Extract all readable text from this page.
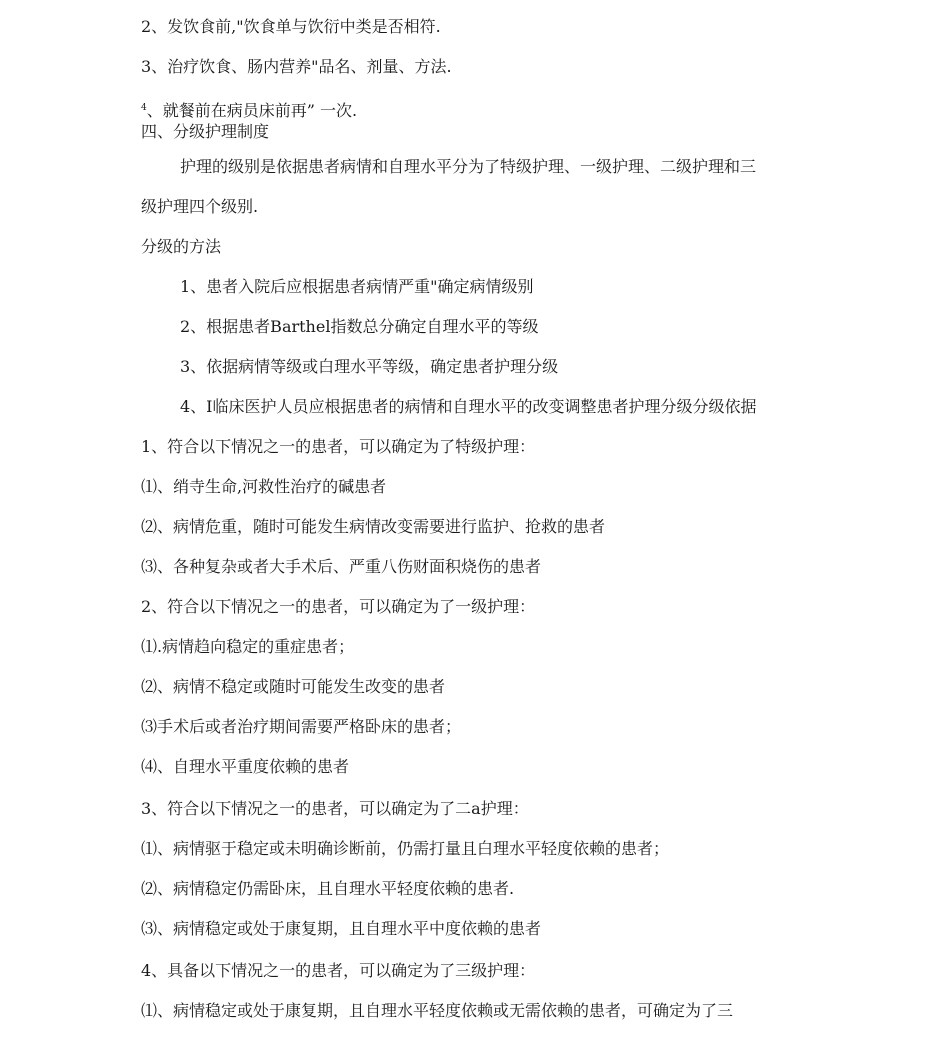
2、发饮食前,"饮食单与饮衍中类是否相符.
3、治疗饮食、肠内营养"品名、剂量、方法.
$^4$、就餐前在病员床前再” 一次.
四、分级护理制度
护理的级别是依据患者病情和自理水平分为了特级护理、一级护理、二级护理和三
级护理四个级别.
分级的方法
1、患者入院后应根据患者病情严重"确定病情级别
2、根据患者Barthel指数总分确定自理水平的等级
3、依据病情等级或白理水平等级，确定患者护理分级
4、I临床医护人员应根据患者的病情和自理水平的改变调整患者护理分级分级依据
1、符合以下情况之一的患者，可以确定为了特级护理：
⑴、绡寺生命,河救性治疗的碱患者
⑵、病情危重，随时可能发生病情改变需要进行监护、抢救的患者
⑶、各种复杂或者大手术后、严重八伤财面积烧伤的患者
2、符合以下情况之一的患者，可以确定为了一级护理：
⑴.病情趋向稳定的重症患者；
⑵、病情不稳定或随时可能发生改变的患者
⑶手术后或者治疗期间需要严格卧床的患者；
⑷、自理水平重度依赖的患者
3、符合以下情况之一的患者，可以确定为了二a护理：
⑴、病情驱于稳定或未明确诊断前，仍需打量且白理水平轻度依赖的患者；
⑵、病情稳定仍需卧床，且自理水平轻度依赖的患者.
⑶、病情稳定或处于康复期，且自理水平中度依赖的患者
4、具备以下情况之一的患者，可以确定为了三级护理：
⑴、病情稳定或处于康复期，且自理水平轻度依赖或无需依赖的患者，可确定为了三
